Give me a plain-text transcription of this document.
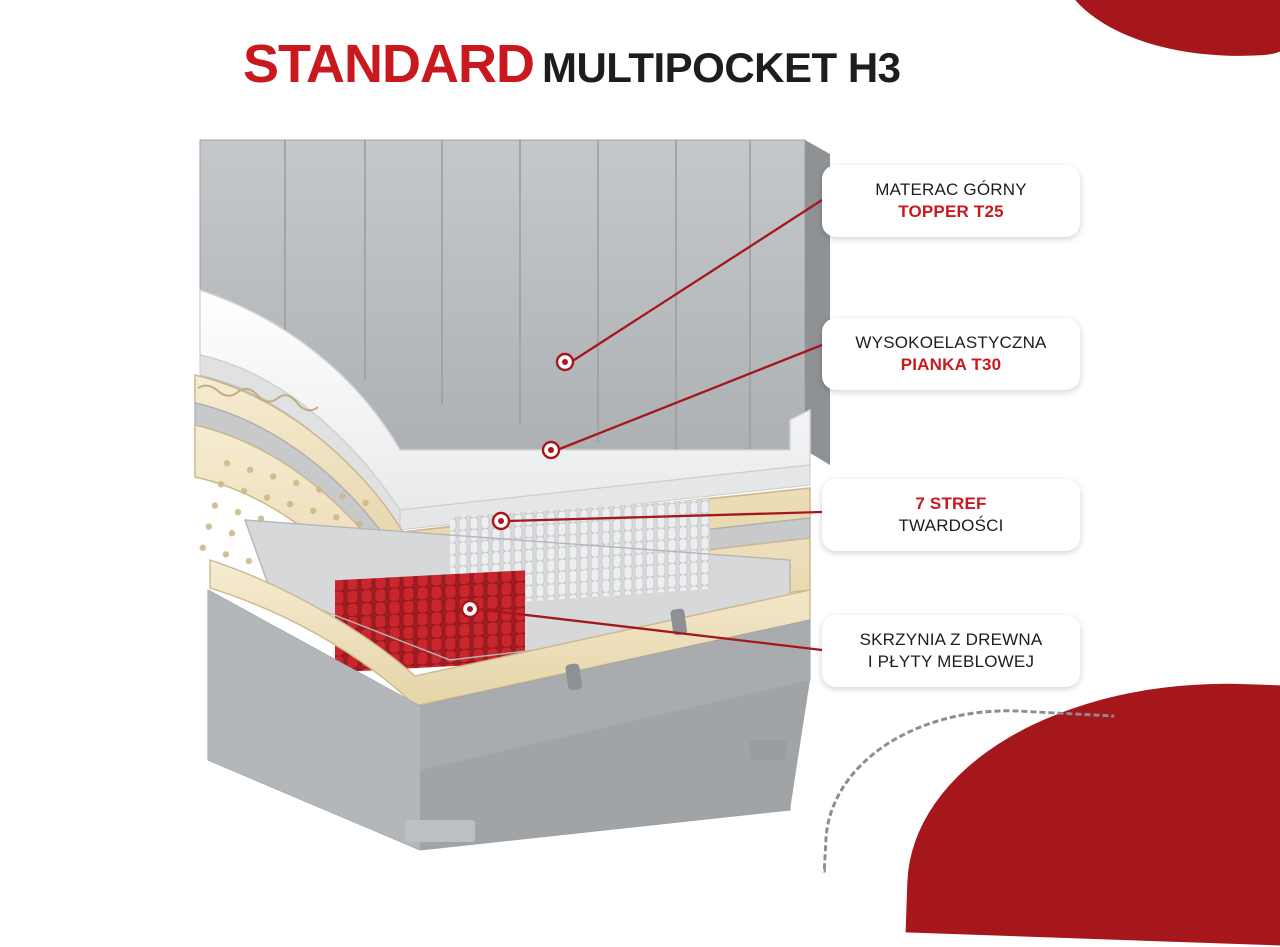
STANDARD MULTIPOCKET H3
MATERAC GÓRNY
TOPPER T25
WYSOKOELASTYCZNA
PIANKA T30
7 STREF
TWARDOŚCI
SKRZYNIA Z DREWNA
I PŁYTY MEBLOWEJ
